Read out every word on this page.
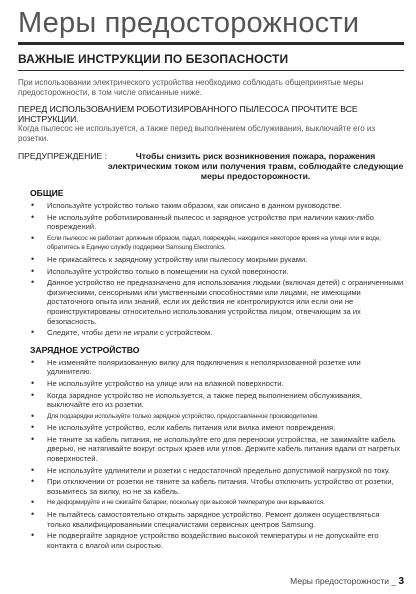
Меры предосторожности
ВАЖНЫЕ ИНСТРУКЦИИ ПО БЕЗОПАСНОСТИ

При использовании электрического устройства необходимо соблюдать общепринятые меры предосторожности, в том числе описанные ниже.

ПЕРЕД ИСПОЛЬЗОВАНИЕМ РОБОТИЗИРОВАННОГО ПЫЛЕСОСА ПРОЧТИТЕ ВСЕ ИНСТРУКЦИИ.

Когда пылесос не используется, а также перед выполнением обслуживания, выключайте его из розетки.

ПРЕДУПРЕЖДЕНИЕ :	Чтобы снизить риск возникновения пожара, поражения электрическим током или получения травм, соблюдайте следующие меры предосторожности.
ОБЩИЕ
• Используйте устройство только таким образом, как описано в данном руководстве.
• Не используйте роботизированный пылесос и зарядное устройство при наличии каких-либо повреждений.
• Если пылесос не работает должным образом, падал, повреждён, находился некоторое время на улице или в воде, обратитесь в Единую службу поддержки Samsung Electronics.
• Не прикасайтесь к зарядному устройству или пылесосу мокрыми руками.
• Используйте устройство только в помещении на сухой поверхности.
• Данное устройство не предназначено для использования людьми (включая детей) с ограниченными физическими, сенсорными или умственными способностями или лицами, не имеющими достаточного опыта или знаний, если их действия не контролируются или если они не проинструктированы относительно использования устройства лицом, отвечающим за их безопасность.
• Следите, чтобы дети не играли с устройством.
ЗАРЯДНОЕ УСТРОЙСТВО
• Не изменяйте поляризованную вилку для подключения к неполяризованной розетке или удлинителю.
• Не используйте устройство на улице или на влажной поверхности.
• Когда зарядное устройство не используется, а также перед выполнением обслуживания, выключайте его из розетки.
• Для подзарядки используйте только зарядное устройство, предоставленное производителем.
• Не используйте устройство, если кабель питания или вилка имеют повреждения.
• Не тяните за кабель питания, не используйте его для переноски устройства, не зажимайте кабель дверью, не натягивайте вокруг острых краев или углов. Держите кабель питания вдали от нагретых поверхностей.
• Не используйте удлинители и розетки с недостаточной предельно допустимой нагрузкой по току.
• При отключении от розетки не тяните за кабель питания. Чтобы отключить устройство от розетки, возьмитесь за вилку, но не за кабель.
• Не деформируйте и не сжигайте батареи, поскольку при высокой температуре они взрываются.
• Не пытайтесь самостоятельно открыть зарядное устройство. Ремонт должен осуществляться только квалифицированными специалистами сервисных центров Samsung.
• Не подвергайте зарядное устройство воздействию высокой температуры и не допускайте его контакта с влагой или сыростью.
Меры предосторожности _ 3
